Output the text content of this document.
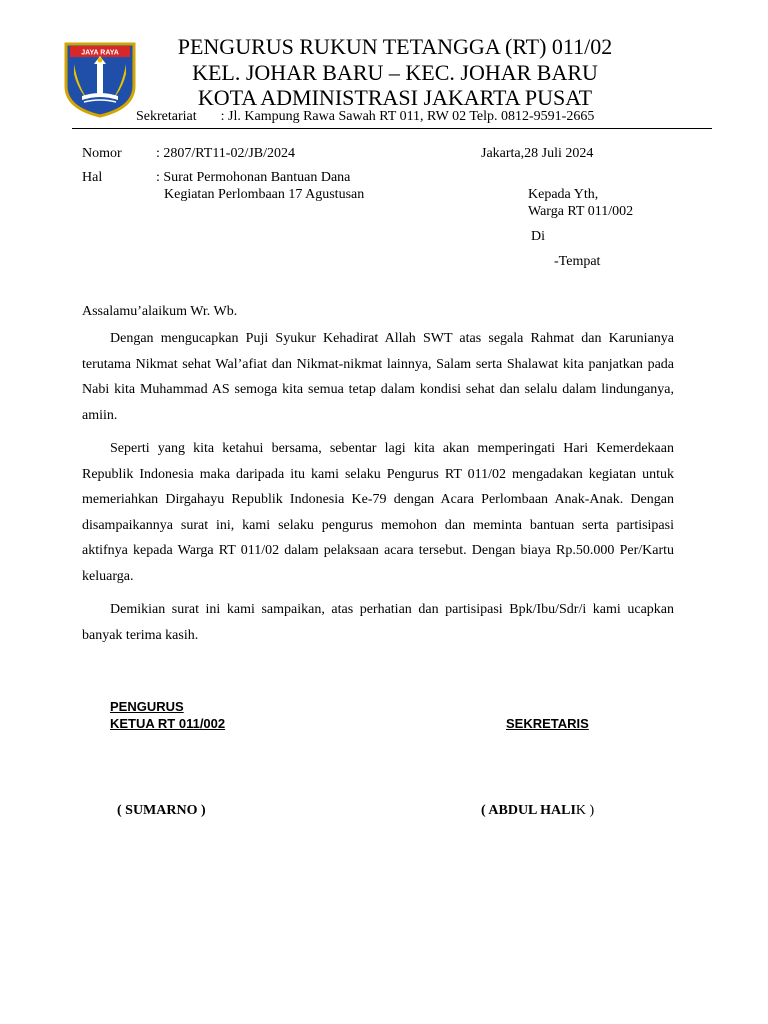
JAYA RAYA	PENGURUS RUKUN TETANGGA (RT) 011/02
KEL. JOHAR BARU – KEC. JOHAR BARU
KOTA ADMINISTRASI JAKARTA PUSAT
Sekretariat : Jl. Kampung Rawa Sawah RT 011, RW 02 Telp. 0812-9591-2665
Nomor : 2807/RT11-02/JB/2024	Jakarta,28 Juli 2024
Hal	: Surat Permohonan Bantuan Dana
Kegiatan Perlombaan 17 Agustusan	Kepada Yth,
Warga RT 011/002
Di
-Tempat
Assalamu’alaikum Wr. Wb.

Dengan mengucapkan Puji Syukur Kehadirat Allah SWT atas segala Rahmat dan Karunianya terutama Nikmat sehat Wal’afiat dan Nikmat-nikmat lainnya, Salam serta Shalawat kita panjatkan pada Nabi kita Muhammad AS semoga kita semua tetap dalam kondisi sehat dan selalu dalam lindunganya, amiin.

Seperti yang kita ketahui bersama, sebentar lagi kita akan memperingati Hari Kemerdekaan Republik Indonesia maka daripada itu kami selaku Pengurus RT 011/02 mengadakan kegiatan untuk memeriahkan Dirgahayu Republik Indonesia Ke-79 dengan Acara Perlombaan Anak-Anak. Dengan disampaikannya surat ini, kami selaku pengurus memohon dan meminta bantuan serta partisipasi aktifnya kepada Warga RT 011/02 dalam pelaksaan acara tersebut. Dengan biaya Rp.50.000 Per/Kartu keluarga.

Demikian surat ini kami sampaikan, atas perhatian dan partisipasi Bpk/Ibu/Sdr/i kami ucapkan banyak terima kasih.

PENGURUS
KETUA RT 011/002	SEKRETARIS
( SUMARNO )	( ABDUL HALIK )
